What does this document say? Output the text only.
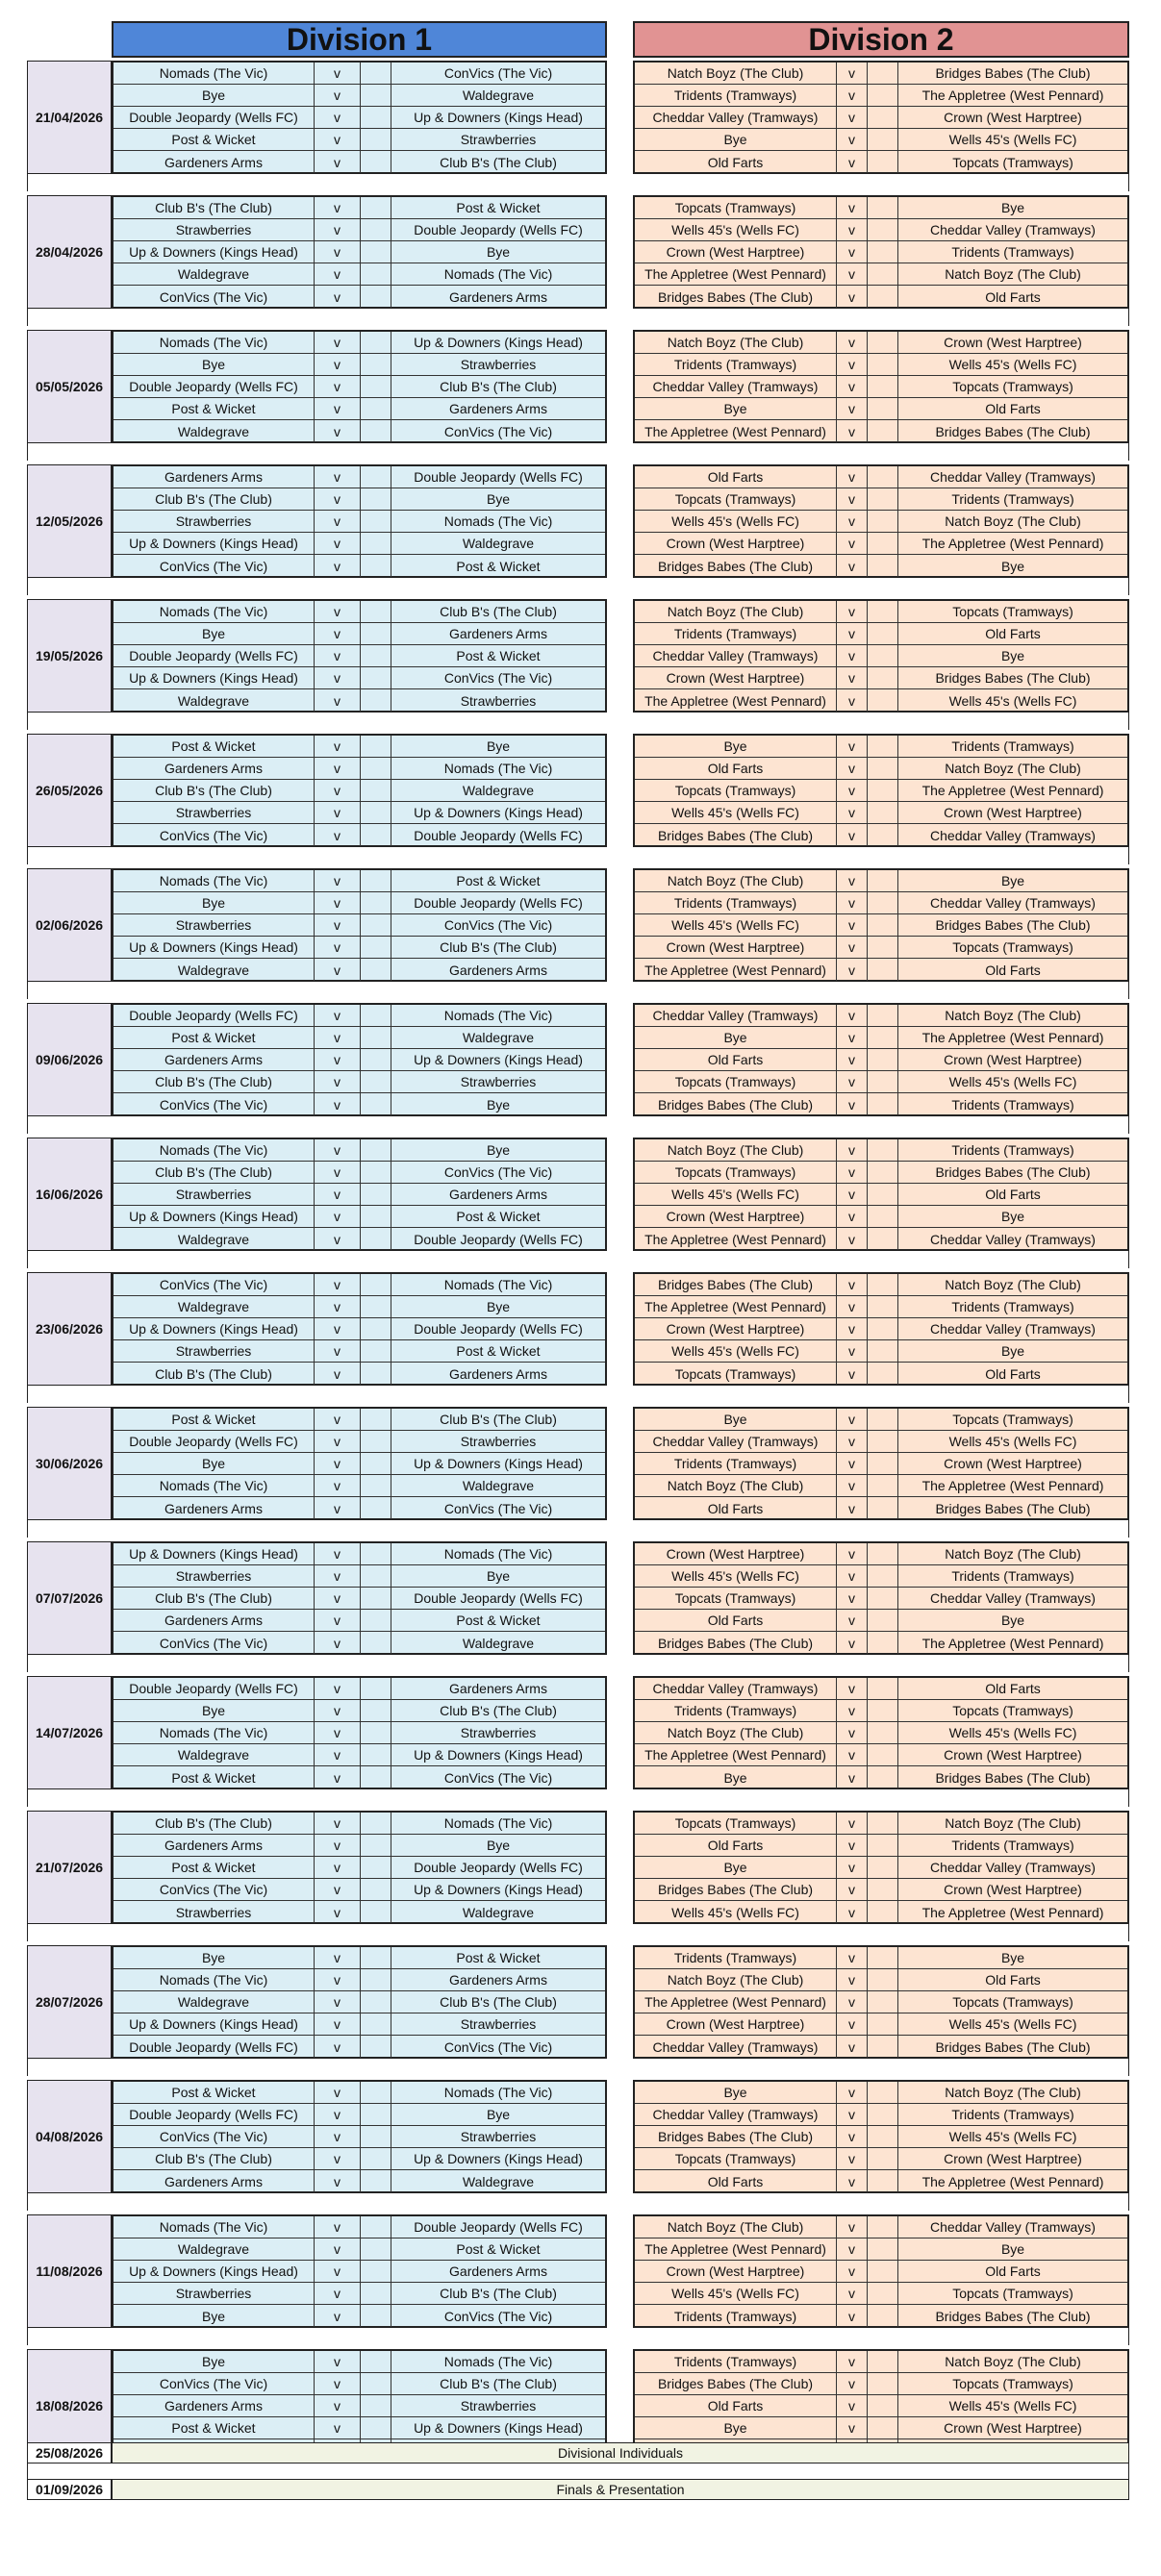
Division 1	Division 2
21/04/2026
Nomads (The Vic)	v	ConVics (The Vic)
Bye	v	Waldegrave
Double Jeopardy (Wells FC)	v	Up & Downers (Kings Head)
Post & Wicket	v	Strawberries
Gardeners Arms	v	Club B's (The Club)
Natch Boyz (The Club)	v	Bridges Babes (The Club)
Tridents (Tramways)	v	The Appletree (West Pennard)
Cheddar Valley (Tramways)	v	Crown (West Harptree)
Bye	v	Wells 45's (Wells FC)
Old Farts	v	Topcats (Tramways)
28/04/2026
Club B's (The Club)	v	Post & Wicket
Strawberries	v	Double Jeopardy (Wells FC)
Up & Downers (Kings Head)	v	Bye
Waldegrave	v	Nomads (The Vic)
ConVics (The Vic)	v	Gardeners Arms
Topcats (Tramways)	v	Bye
Wells 45's (Wells FC)	v	Cheddar Valley (Tramways)
Crown (West Harptree)	v	Tridents (Tramways)
The Appletree (West Pennard)	v	Natch Boyz (The Club)
Bridges Babes (The Club)	v	Old Farts
05/05/2026
Nomads (The Vic)	v	Up & Downers (Kings Head)
Bye	v	Strawberries
Double Jeopardy (Wells FC)	v	Club B's (The Club)
Post & Wicket	v	Gardeners Arms
Waldegrave	v	ConVics (The Vic)
Natch Boyz (The Club)	v	Crown (West Harptree)
Tridents (Tramways)	v	Wells 45's (Wells FC)
Cheddar Valley (Tramways)	v	Topcats (Tramways)
Bye	v	Old Farts
The Appletree (West Pennard)	v	Bridges Babes (The Club)
12/05/2026
Gardeners Arms	v	Double Jeopardy (Wells FC)
Club B's (The Club)	v	Bye
Strawberries	v	Nomads (The Vic)
Up & Downers (Kings Head)	v	Waldegrave
ConVics (The Vic)	v	Post & Wicket
Old Farts	v	Cheddar Valley (Tramways)
Topcats (Tramways)	v	Tridents (Tramways)
Wells 45's (Wells FC)	v	Natch Boyz (The Club)
Crown (West Harptree)	v	The Appletree (West Pennard)
Bridges Babes (The Club)	v	Bye
19/05/2026
Nomads (The Vic)	v	Club B's (The Club)
Bye	v	Gardeners Arms
Double Jeopardy (Wells FC)	v	Post & Wicket
Up & Downers (Kings Head)	v	ConVics (The Vic)
Waldegrave	v	Strawberries
Natch Boyz (The Club)	v	Topcats (Tramways)
Tridents (Tramways)	v	Old Farts
Cheddar Valley (Tramways)	v	Bye
Crown (West Harptree)	v	Bridges Babes (The Club)
The Appletree (West Pennard)	v	Wells 45's (Wells FC)
26/05/2026
Post & Wicket	v	Bye
Gardeners Arms	v	Nomads (The Vic)
Club B's (The Club)	v	Waldegrave
Strawberries	v	Up & Downers (Kings Head)
ConVics (The Vic)	v	Double Jeopardy (Wells FC)
Bye	v	Tridents (Tramways)
Old Farts	v	Natch Boyz (The Club)
Topcats (Tramways)	v	The Appletree (West Pennard)
Wells 45's (Wells FC)	v	Crown (West Harptree)
Bridges Babes (The Club)	v	Cheddar Valley (Tramways)
02/06/2026
Nomads (The Vic)	v	Post & Wicket
Bye	v	Double Jeopardy (Wells FC)
Strawberries	v	ConVics (The Vic)
Up & Downers (Kings Head)	v	Club B's (The Club)
Waldegrave	v	Gardeners Arms
Natch Boyz (The Club)	v	Bye
Tridents (Tramways)	v	Cheddar Valley (Tramways)
Wells 45's (Wells FC)	v	Bridges Babes (The Club)
Crown (West Harptree)	v	Topcats (Tramways)
The Appletree (West Pennard)	v	Old Farts
09/06/2026
Double Jeopardy (Wells FC)	v	Nomads (The Vic)
Post & Wicket	v	Waldegrave
Gardeners Arms	v	Up & Downers (Kings Head)
Club B's (The Club)	v	Strawberries
ConVics (The Vic)	v	Bye
Cheddar Valley (Tramways)	v	Natch Boyz (The Club)
Bye	v	The Appletree (West Pennard)
Old Farts	v	Crown (West Harptree)
Topcats (Tramways)	v	Wells 45's (Wells FC)
Bridges Babes (The Club)	v	Tridents (Tramways)
16/06/2026
Nomads (The Vic)	v	Bye
Club B's (The Club)	v	ConVics (The Vic)
Strawberries	v	Gardeners Arms
Up & Downers (Kings Head)	v	Post & Wicket
Waldegrave	v	Double Jeopardy (Wells FC)
Natch Boyz (The Club)	v	Tridents (Tramways)
Topcats (Tramways)	v	Bridges Babes (The Club)
Wells 45's (Wells FC)	v	Old Farts
Crown (West Harptree)	v	Bye
The Appletree (West Pennard)	v	Cheddar Valley (Tramways)
23/06/2026
ConVics (The Vic)	v	Nomads (The Vic)
Waldegrave	v	Bye
Up & Downers (Kings Head)	v	Double Jeopardy (Wells FC)
Strawberries	v	Post & Wicket
Club B's (The Club)	v	Gardeners Arms
Bridges Babes (The Club)	v	Natch Boyz (The Club)
The Appletree (West Pennard)	v	Tridents (Tramways)
Crown (West Harptree)	v	Cheddar Valley (Tramways)
Wells 45's (Wells FC)	v	Bye
Topcats (Tramways)	v	Old Farts
30/06/2026
Post & Wicket	v	Club B's (The Club)
Double Jeopardy (Wells FC)	v	Strawberries
Bye	v	Up & Downers (Kings Head)
Nomads (The Vic)	v	Waldegrave
Gardeners Arms	v	ConVics (The Vic)
Bye	v	Topcats (Tramways)
Cheddar Valley (Tramways)	v	Wells 45's (Wells FC)
Tridents (Tramways)	v	Crown (West Harptree)
Natch Boyz (The Club)	v	The Appletree (West Pennard)
Old Farts	v	Bridges Babes (The Club)
07/07/2026
Up & Downers (Kings Head)	v	Nomads (The Vic)
Strawberries	v	Bye
Club B's (The Club)	v	Double Jeopardy (Wells FC)
Gardeners Arms	v	Post & Wicket
ConVics (The Vic)	v	Waldegrave
Crown (West Harptree)	v	Natch Boyz (The Club)
Wells 45's (Wells FC)	v	Tridents (Tramways)
Topcats (Tramways)	v	Cheddar Valley (Tramways)
Old Farts	v	Bye
Bridges Babes (The Club)	v	The Appletree (West Pennard)
14/07/2026
Double Jeopardy (Wells FC)	v	Gardeners Arms
Bye	v	Club B's (The Club)
Nomads (The Vic)	v	Strawberries
Waldegrave	v	Up & Downers (Kings Head)
Post & Wicket	v	ConVics (The Vic)
Cheddar Valley (Tramways)	v	Old Farts
Tridents (Tramways)	v	Topcats (Tramways)
Natch Boyz (The Club)	v	Wells 45's (Wells FC)
The Appletree (West Pennard)	v	Crown (West Harptree)
Bye	v	Bridges Babes (The Club)
21/07/2026
Club B's (The Club)	v	Nomads (The Vic)
Gardeners Arms	v	Bye
Post & Wicket	v	Double Jeopardy (Wells FC)
ConVics (The Vic)	v	Up & Downers (Kings Head)
Strawberries	v	Waldegrave
Topcats (Tramways)	v	Natch Boyz (The Club)
Old Farts	v	Tridents (Tramways)
Bye	v	Cheddar Valley (Tramways)
Bridges Babes (The Club)	v	Crown (West Harptree)
Wells 45's (Wells FC)	v	The Appletree (West Pennard)
28/07/2026
Bye	v	Post & Wicket
Nomads (The Vic)	v	Gardeners Arms
Waldegrave	v	Club B's (The Club)
Up & Downers (Kings Head)	v	Strawberries
Double Jeopardy (Wells FC)	v	ConVics (The Vic)
Tridents (Tramways)	v	Bye
Natch Boyz (The Club)	v	Old Farts
The Appletree (West Pennard)	v	Topcats (Tramways)
Crown (West Harptree)	v	Wells 45's (Wells FC)
Cheddar Valley (Tramways)	v	Bridges Babes (The Club)
04/08/2026
Post & Wicket	v	Nomads (The Vic)
Double Jeopardy (Wells FC)	v	Bye
ConVics (The Vic)	v	Strawberries
Club B's (The Club)	v	Up & Downers (Kings Head)
Gardeners Arms	v	Waldegrave
Bye	v	Natch Boyz (The Club)
Cheddar Valley (Tramways)	v	Tridents (Tramways)
Bridges Babes (The Club)	v	Wells 45's (Wells FC)
Topcats (Tramways)	v	Crown (West Harptree)
Old Farts	v	The Appletree (West Pennard)
11/08/2026
Nomads (The Vic)	v	Double Jeopardy (Wells FC)
Waldegrave	v	Post & Wicket
Up & Downers (Kings Head)	v	Gardeners Arms
Strawberries	v	Club B's (The Club)
Bye	v	ConVics (The Vic)
Natch Boyz (The Club)	v	Cheddar Valley (Tramways)
The Appletree (West Pennard)	v	Bye
Crown (West Harptree)	v	Old Farts
Wells 45's (Wells FC)	v	Topcats (Tramways)
Tridents (Tramways)	v	Bridges Babes (The Club)
18/08/2026
Bye	v	Nomads (The Vic)
ConVics (The Vic)	v	Club B's (The Club)
Gardeners Arms	v	Strawberries
Post & Wicket	v	Up & Downers (Kings Head)
Tridents (Tramways)	v	Natch Boyz (The Club)
Bridges Babes (The Club)	v	Topcats (Tramways)
Old Farts	v	Wells 45's (Wells FC)
Bye	v	Crown (West Harptree)
25/08/2026	Divisional Individuals
01/09/2026	Finals & Presentation
